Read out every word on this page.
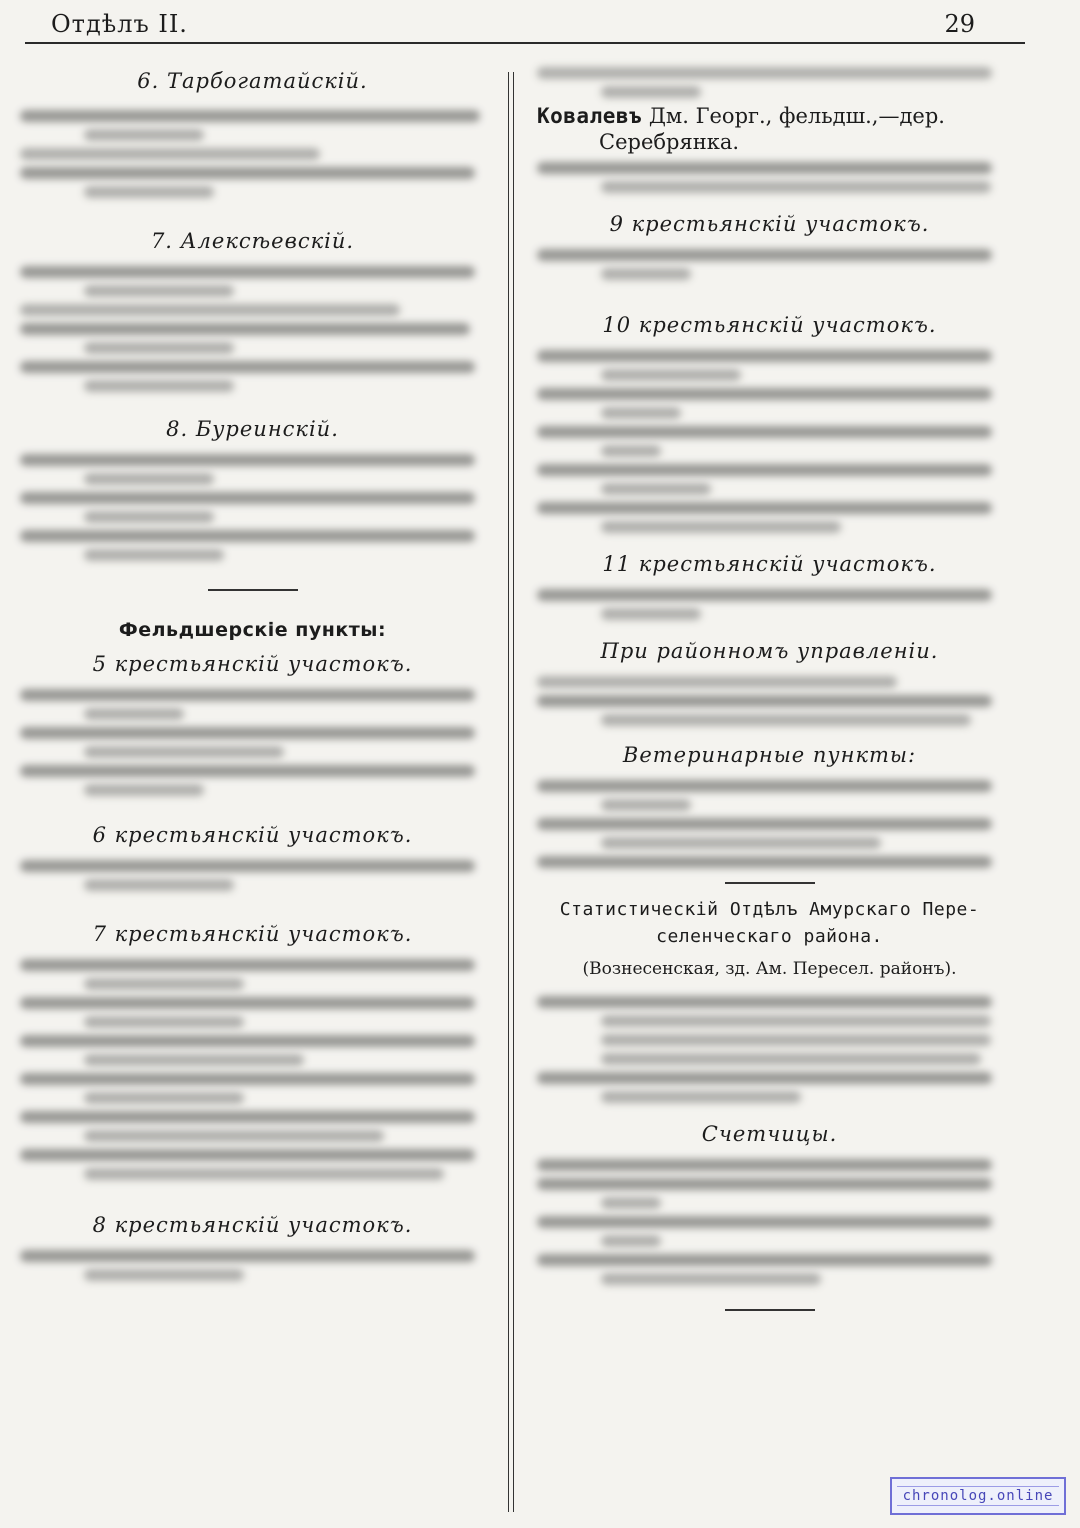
Отдѣлъ II.	29
6. Тарбогатайскій.
7. Алексѣевскій.
8. Буреинскій.
Фельдшерскіе пункты:
5 крестьянскій участокъ.
6 крестьянскій участокъ.
7 крестьянскій участокъ.
8 крестьянскій участокъ.
Ковалевъ Дм. Георг., фельдш.,—дер.
Серебрянка.
9 крестьянскій участокъ.
10 крестьянскій участокъ.
11 крестьянскій участокъ.
При районномъ управленіи.
Ветеринарные пункты:
Статистическій Отдѣлъ Амурскаго Пере-
селенческаго района.
(Вознесенская, зд. Ам. Пересел. районъ).
Счетчицы.
chronolog.online
